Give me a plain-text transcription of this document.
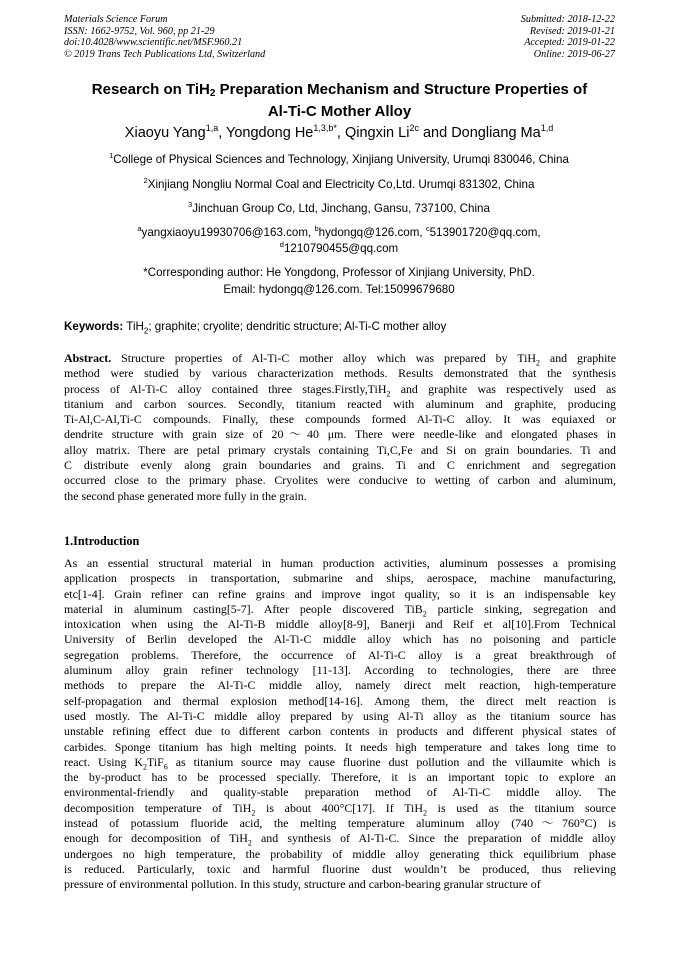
Materials Science Forum
ISSN: 1662-9752, Vol. 960, pp 21-29
doi:10.4028/www.scientific.net/MSF.960.21
© 2019 Trans Tech Publications Ltd, Switzerland
Submitted: 2018-12-22
Revised: 2019-01-21
Accepted: 2019-01-22
Online: 2019-06-27
Research on TiH2 Preparation Mechanism and Structure Properties of
Al-Ti-C Mother Alloy
Xiaoyu Yang$^{1,a}$, Yongdong $He^{1,3,b*}$, Qingxin $Li^{2c}$ and Dongliang Ma$^{1,d}$
$^1$College of Physical Sciences and Technology, Xinjiang University, Urumqi 830046, China
$^2$Xinjiang Nongliu Normal Coal and Electricity Co,Ltd. Urumqi 831302, China
$^3$Jinchuan Group Co, Ltd, Jinchang, Gansu, 737100, China
$^a$yangxiaoyu19930706@163.com, $^b$hydongq@126.com, $^c$513901720@qq.com,
$^d$1210790455@qq.com
*Corresponding author: He Yongdong, Professor of Xinjiang University, PhD.
Email: hydongq@126.com. Tel:15099679680
Keywords: TiH$_2$; graphite; cryolite; dendritic structure; Al-Ti-C mother alloy
Abstract. Structure properties of Al-Ti-C mother alloy which was prepared by TiH$_2$ and graphite
method were studied by various characterization methods. Results demonstrated that the synthesis
process of Al-Ti-C alloy contained three stages.Firstly,TiH$_2$ and graphite was respectively used as
titanium and carbon sources. Secondly, titanium reacted with aluminum and graphite, producing
Ti-Al,C-Al,Ti-C compounds. Finally, these compounds formed Al-Ti-C alloy. It was equiaxed or
dendrite structure with grain size of 20～40 μm. There were needle-like and elongated phases in
alloy matrix. There are petal primary crystals containing Ti,C,Fe and Si on grain boundaries. Ti and
C distribute evenly along grain boundaries and grains. Ti and C enrichment and segregation
occurred close to the primary phase. Cryolites were conducive to wetting of carbon and aluminum,
the second phase generated more fully in the grain.
1.Introduction
As an essential structural material in human production activities, aluminum possesses a promising
application prospects in transportation, submarine and ships, aerospace, machine manufacturing,
etc[1-4]. Grain refiner can refine grains and improve ingot quality, so it is an indispensable key
material in aluminum casting[5-7]. After people discovered TiB$_2$ particle sinking, segregation and
intoxication when using the Al-Ti-B middle alloy[8-9], Banerji and Reif et al[10].From Technical
University of Berlin developed the Al-Ti-C middle alloy which has no poisoning and particle
segregation problems. Therefore, the occurrence of Al-Ti-C alloy is a great breakthrough of
aluminum alloy grain refiner technology [11-13]. According to technologies, there are three
methods to prepare the Al-Ti-C middle alloy, namely direct melt reaction, high-temperature
self-propagation and thermal explosion method[14-16]. Among them, the direct melt reaction is
used mostly. The Al-Ti-C middle alloy prepared by using Al-Ti alloy as the titanium source has
unstable refining effect due to different carbon contents in products and different physical states of
carbides. Sponge titanium has high melting points. It needs high temperature and takes long time to
react. Using $K_2TiF_6$ as titanium source may cause fluorine dust pollution and the villaumite which is
the by-product has to be processed specially. Therefore, it is an important topic to explore an
environmental-friendly and quality-stable preparation method of Al-Ti-C middle alloy. The
decomposition temperature of TiH$_2$ is about 400°C[17]. If TiH$_2$ is used as the titanium source
instead of potassium fluoride acid, the melting temperature aluminum alloy (740～760°C) is
enough for decomposition of TiH$_2$ and synthesis of Al-Ti-C. Since the preparation of middle alloy
undergoes no high temperature, the probability of middle alloy generating thick equilibrium phase
is reduced. Particularly, toxic and harmful fluorine dust wouldn’t be produced, thus relieving
pressure of environmental pollution. In this study, structure and carbon-bearing granular structure of
